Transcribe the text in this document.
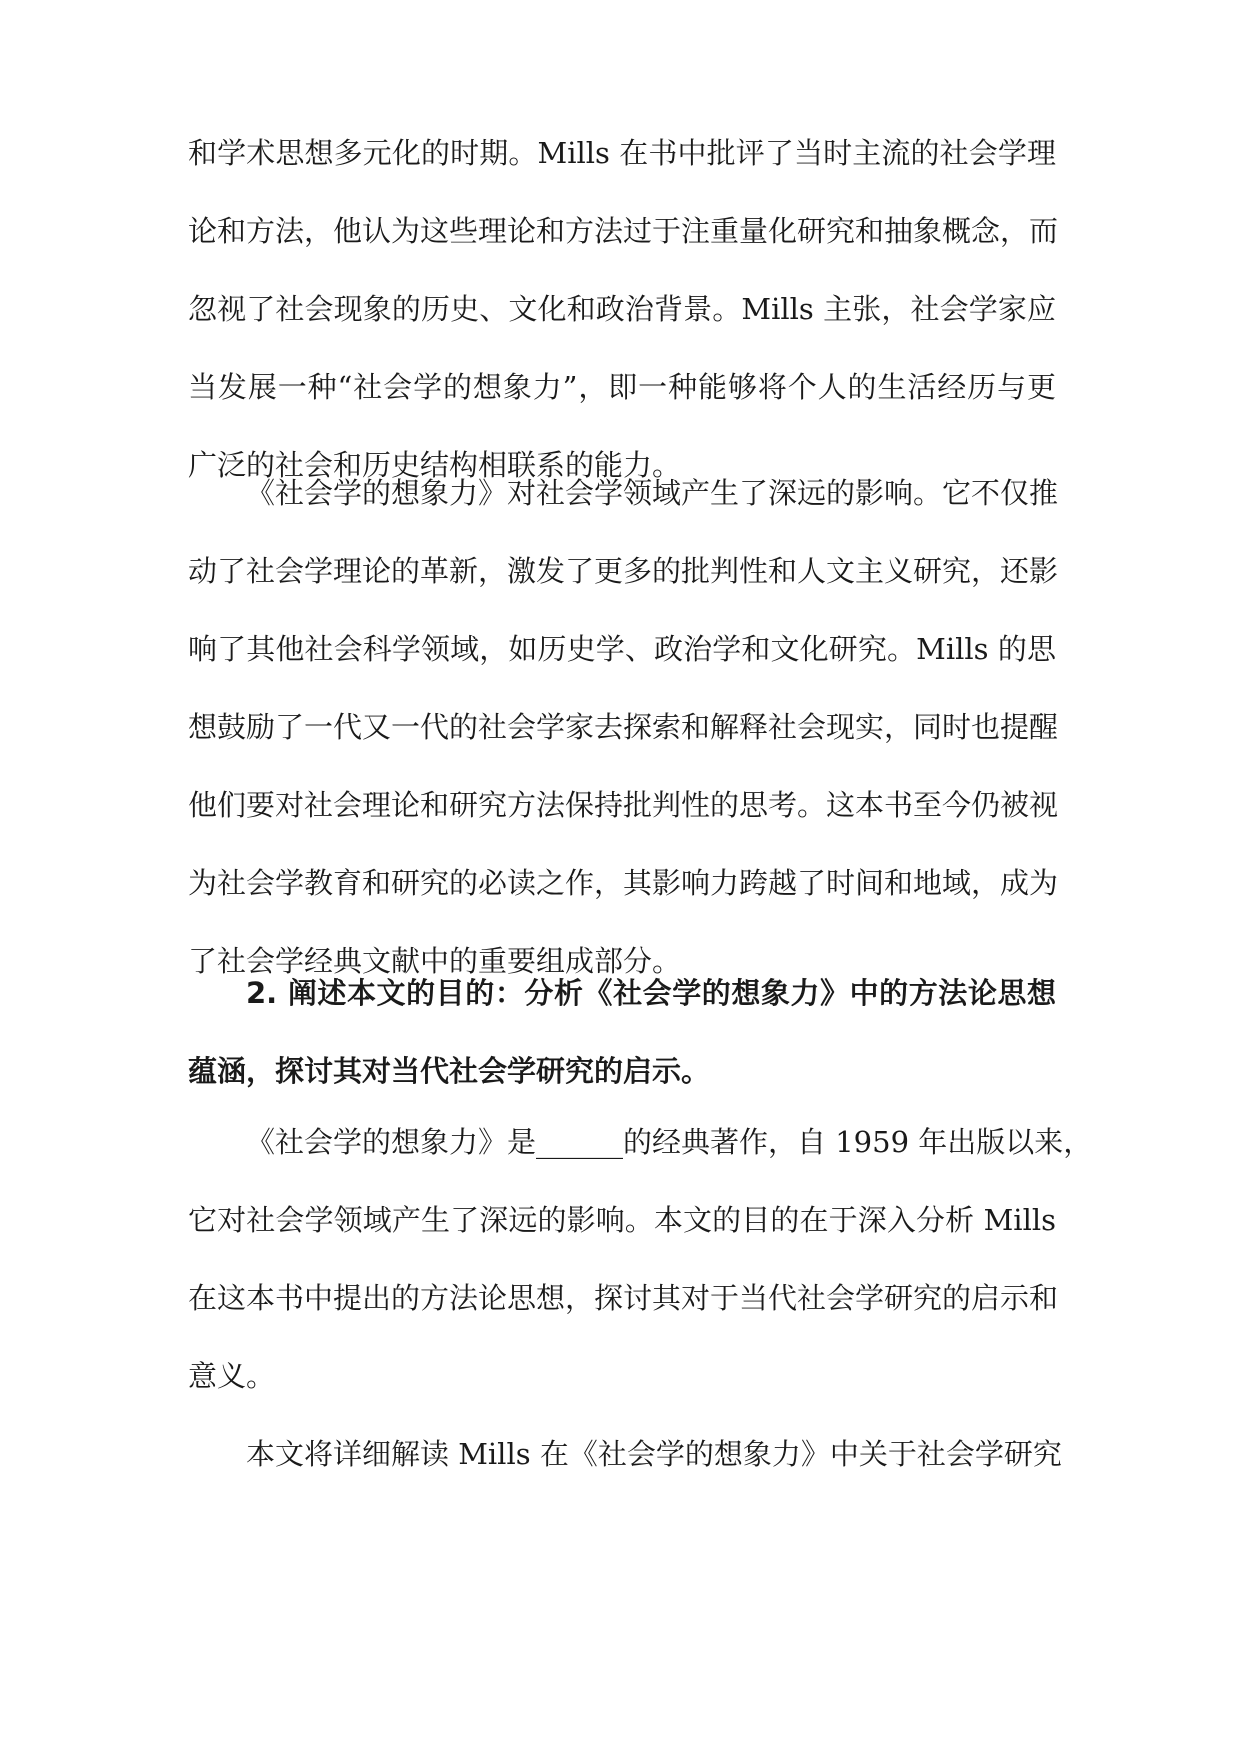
和学术思想多元化的时期。Mills 在书中批评了当时主流的社会学理
论和方法，他认为这些理论和方法过于注重量化研究和抽象概念，而
忽视了社会现象的历史、文化和政治背景。Mills 主张，社会学家应
当发展一种“社会学的想象力”，即一种能够将个人的生活经历与更
广泛的社会和历史结构相联系的能力。
《社会学的想象力》对社会学领域产生了深远的影响。它不仅推
动了社会学理论的革新，激发了更多的批判性和人文主义研究，还影
响了其他社会科学领域，如历史学、政治学和文化研究。Mills 的思
想鼓励了一代又一代的社会学家去探索和解释社会现实，同时也提醒
他们要对社会理论和研究方法保持批判性的思考。这本书至今仍被视
为社会学教育和研究的必读之作，其影响力跨越了时间和地域，成为
了社会学经典文献中的重要组成部分。
2. 阐述本文的目的：分析《社会学的想象力》中的方法论思想
蕴涵，探讨其对当代社会学研究的启示。
《社会学的想象力》是______的经典著作，自 1959 年出版以来，
它对社会学领域产生了深远的影响。本文的目的在于深入分析 Mills
在这本书中提出的方法论思想，探讨其对于当代社会学研究的启示和
意义。
本文将详细解读 Mills 在《社会学的想象力》中关于社会学研究
